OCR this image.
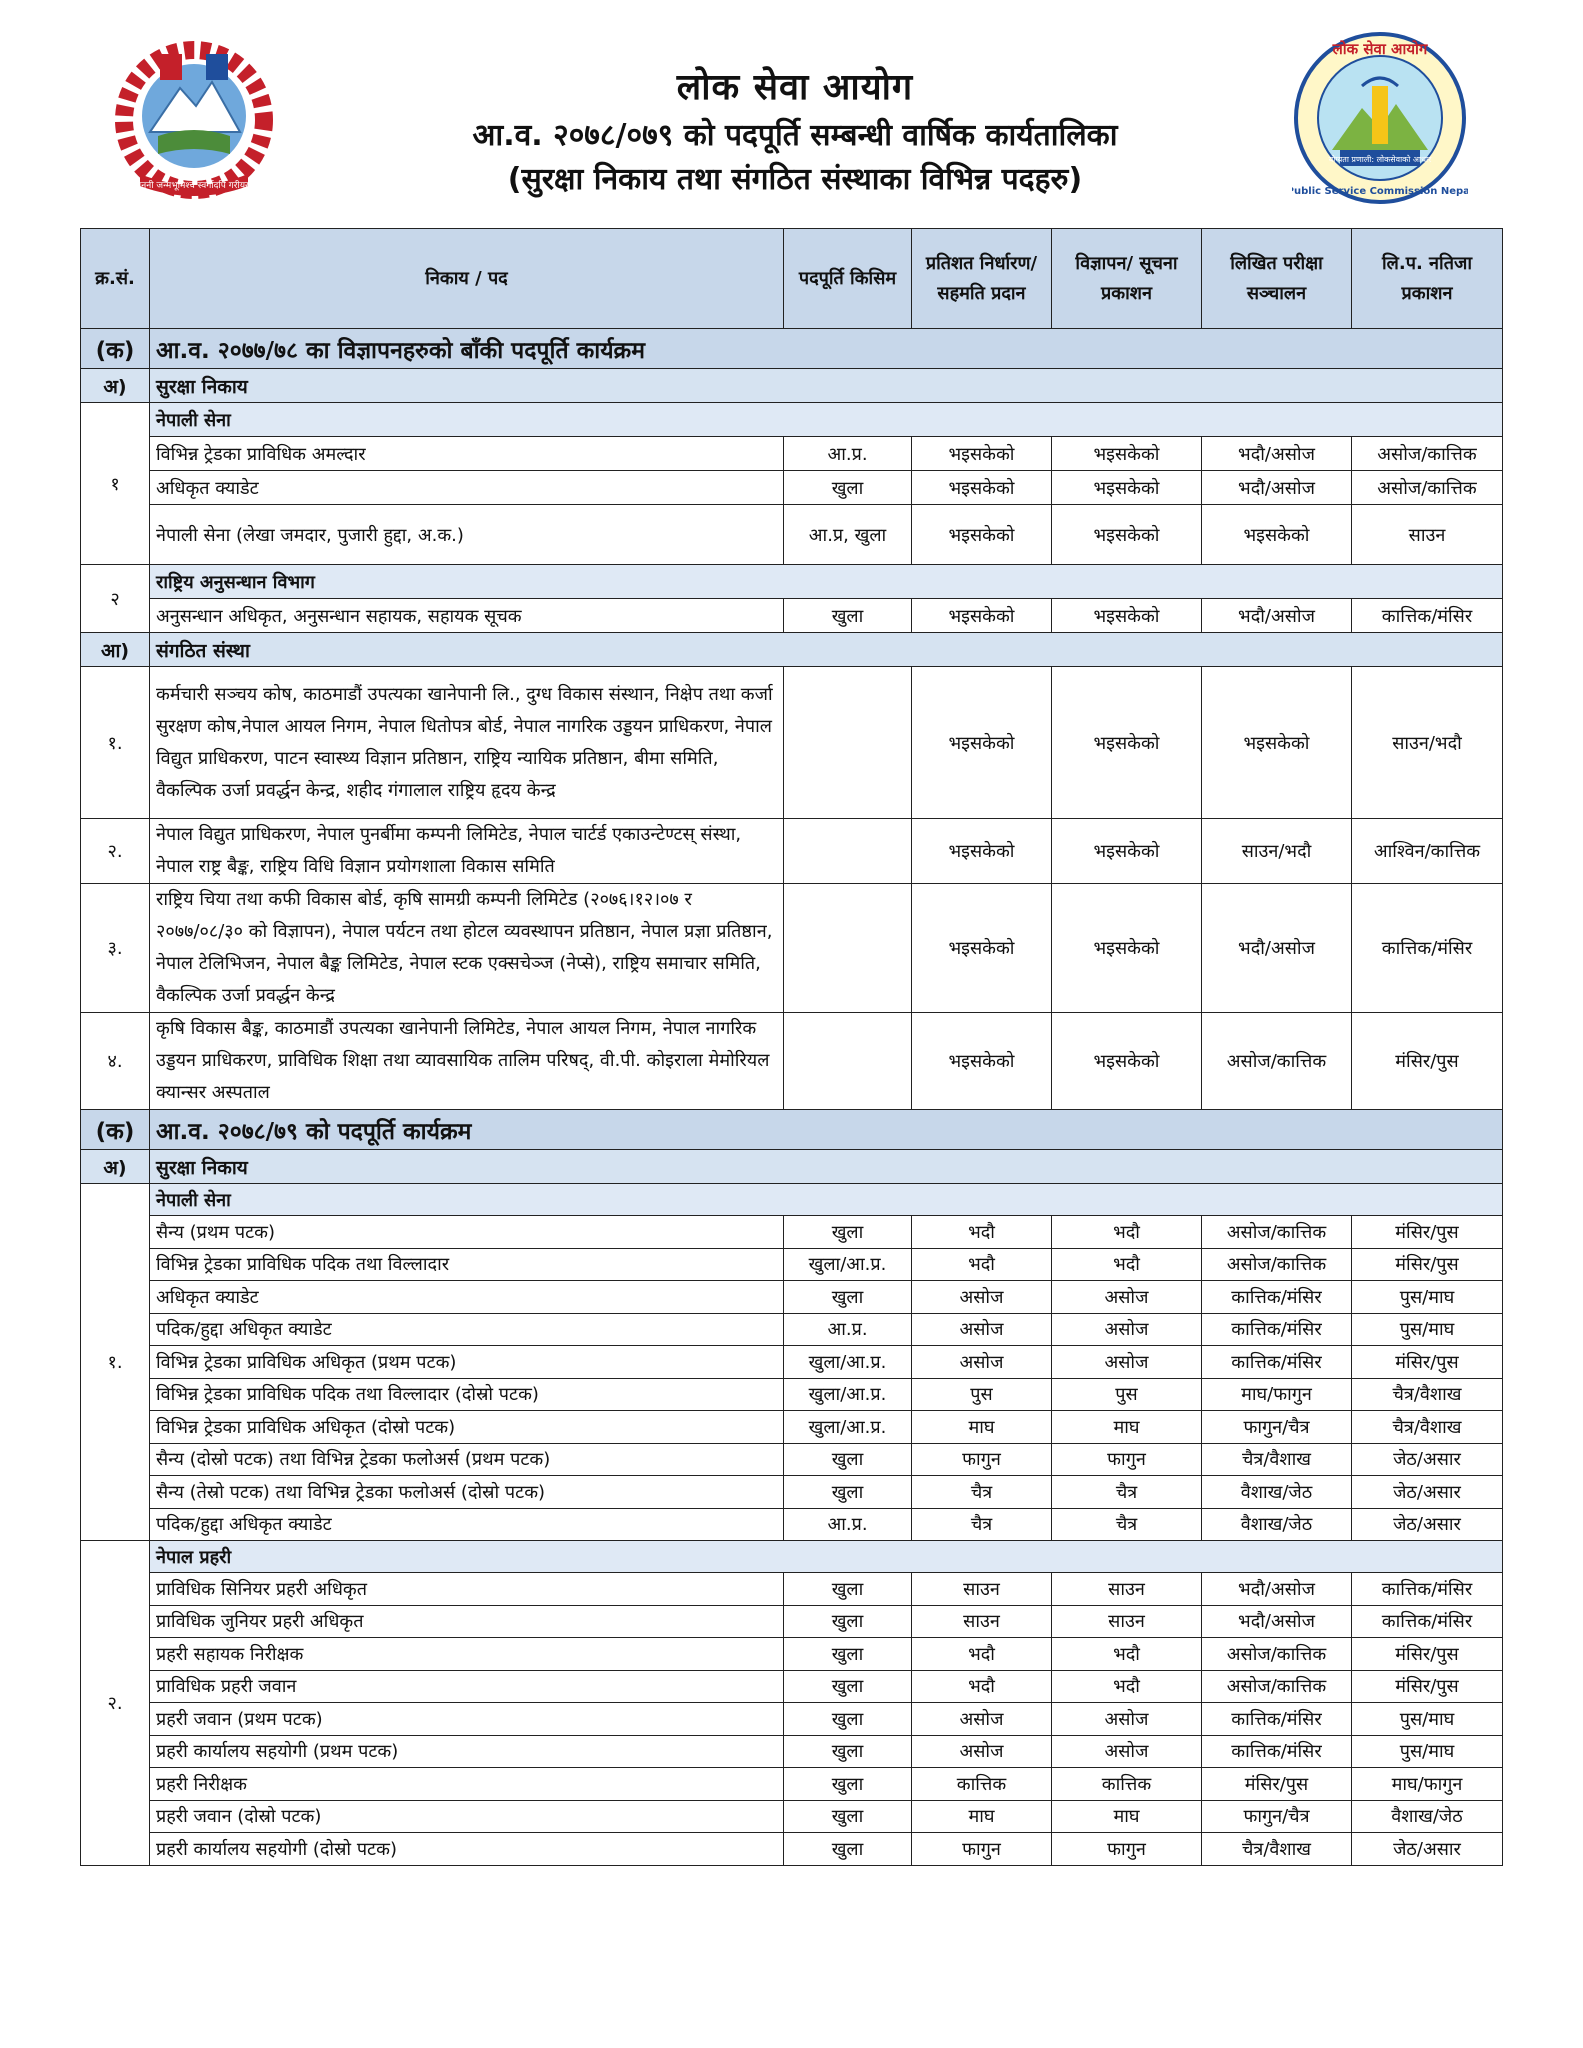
जननी जन्मभूमिश्च स्वर्गादपि गरीयसी
लोक सेवा आयोग
आ.व. २०७८/०७९ को पदपूर्ति सम्बन्धी वार्षिक कार्यतालिका
(सुरक्षा निकाय तथा संगठित संस्थाका विभिन्न पदहरु)
योग्यता प्रणाली: लोकसेवाको आधार
लोक सेवा आयोग
Public Service Commission Nepal
क्र.सं.	निकाय / पद	पदपूर्ति किसिम	प्रतिशत निर्धारण/ सहमति प्रदान	विज्ञापन/ सूचना प्रकाशन	लिखित परीक्षा सञ्चालन	लि.प. नतिजा प्रकाशन
(क)	आ.व. २०७७/७८ का विज्ञापनहरुको बाँकी पदपूर्ति कार्यक्रम					
अ)	सुरक्षा निकाय					
१	नेपाली सेना					
	विभिन्न ट्रेडका प्राविधिक अमल्दार	आ.प्र.	भइसकेको	भइसकेको	भदौ/असोज	असोज/कात्तिक
	अधिकृत क्याडेट	खुला	भइसकेको	भइसकेको	भदौ/असोज	असोज/कात्तिक
	नेपाली सेना (लेखा जमदार, पुजारी हुद्दा, अ.क.)	आ.प्र, खुला	भइसकेको	भइसकेको	भइसकेको	साउन
२	राष्ट्रिय अनुसन्धान विभाग					
	अनुसन्धान अधिकृत, अनुसन्धान सहायक, सहायक सूचक	खुला	भइसकेको	भइसकेको	भदौ/असोज	कात्तिक/मंसिर
आ)	संगठित संस्था					
१.	कर्मचारी सञ्चय कोष, काठमाडौं उपत्यका खानेपानी लि., दुग्ध विकास संस्थान, निक्षेप तथा कर्जा सुरक्षण कोष,नेपाल आयल निगम, नेपाल धितोपत्र बोर्ड, नेपाल नागरिक उड्डयन प्राधिकरण, नेपाल विद्युत प्राधिकरण, पाटन स्वास्थ्य विज्ञान प्रतिष्ठान, राष्ट्रिय न्यायिक प्रतिष्ठान, बीमा समिति, वैकल्पिक उर्जा प्रवर्द्धन केन्द्र, शहीद गंगालाल राष्ट्रिय हृदय केन्द्र		भइसकेको	भइसकेको	भइसकेको	साउन/भदौ
२.	नेपाल विद्युत प्राधिकरण, नेपाल पुनर्बीमा कम्पनी लिमिटेड, नेपाल चार्टर्ड एकाउन्टेण्टस् संस्था, नेपाल राष्ट्र बैङ्क, राष्ट्रिय विधि विज्ञान प्रयोगशाला विकास समिति		भइसकेको	भइसकेको	साउन/भदौ	आश्विन/कात्तिक
३.	राष्ट्रिय चिया तथा कफी विकास बोर्ड, कृषि सामग्री कम्पनी लिमिटेड (२०७६।१२।०७ र २०७७/०८/३० को विज्ञापन), नेपाल पर्यटन तथा होटल व्यवस्थापन प्रतिष्ठान, नेपाल प्रज्ञा प्रतिष्ठान, नेपाल टेलिभिजन, नेपाल बैङ्क लिमिटेड, नेपाल स्टक एक्सचेञ्ज (नेप्से), राष्ट्रिय समाचार समिति, वैकल्पिक उर्जा प्रवर्द्धन केन्द्र		भइसकेको	भइसकेको	भदौ/असोज	कात्तिक/मंसिर
४.	कृषि विकास बैङ्क, काठमाडौं उपत्यका खानेपानी लिमिटेड, नेपाल आयल निगम, नेपाल नागरिक उड्डयन प्राधिकरण, प्राविधिक शिक्षा तथा व्यावसायिक तालिम परिषद्, वी.पी. कोइराला मेमोरियल क्यान्सर अस्पताल		भइसकेको	भइसकेको	असोज/कात्तिक	मंसिर/पुस
(क)	आ.व. २०७८/७९ को पदपूर्ति कार्यक्रम					
अ)	सुरक्षा निकाय					
१.	नेपाली सेना					
	सैन्य (प्रथम पटक)	खुला	भदौ	भदौ	असोज/कात्तिक	मंसिर/पुस
	विभिन्न ट्रेडका प्राविधिक पदिक तथा विल्लादार	खुला/आ.प्र.	भदौ	भदौ	असोज/कात्तिक	मंसिर/पुस
	अधिकृत क्याडेट	खुला	असोज	असोज	कात्तिक/मंसिर	पुस/माघ
	पदिक/हुद्दा अधिकृत क्याडेट	आ.प्र.	असोज	असोज	कात्तिक/मंसिर	पुस/माघ
	विभिन्न ट्रेडका प्राविधिक अधिकृत (प्रथम पटक)	खुला/आ.प्र.	असोज	असोज	कात्तिक/मंसिर	मंसिर/पुस
	विभिन्न ट्रेडका प्राविधिक पदिक तथा विल्लादार (दोस्रो पटक)	खुला/आ.प्र.	पुस	पुस	माघ/फागुन	चैत्र/वैशाख
	विभिन्न ट्रेडका प्राविधिक अधिकृत (दोस्रो पटक)	खुला/आ.प्र.	माघ	माघ	फागुन/चैत्र	चैत्र/वैशाख
	सैन्य (दोस्रो पटक) तथा विभिन्न ट्रेडका फलोअर्स (प्रथम पटक)	खुला	फागुन	फागुन	चैत्र/वैशाख	जेठ/असार
	सैन्य (तेस्रो पटक) तथा विभिन्न ट्रेडका फलोअर्स (दोस्रो पटक)	खुला	चैत्र	चैत्र	वैशाख/जेठ	जेठ/असार
	पदिक/हुद्दा अधिकृत क्याडेट	आ.प्र.	चैत्र	चैत्र	वैशाख/जेठ	जेठ/असार
२.	नेपाल प्रहरी					
	प्राविधिक सिनियर प्रहरी अधिकृत	खुला	साउन	साउन	भदौ/असोज	कात्तिक/मंसिर
	प्राविधिक जुनियर प्रहरी अधिकृत	खुला	साउन	साउन	भदौ/असोज	कात्तिक/मंसिर
	प्रहरी सहायक निरीक्षक	खुला	भदौ	भदौ	असोज/कात्तिक	मंसिर/पुस
	प्राविधिक प्रहरी जवान	खुला	भदौ	भदौ	असोज/कात्तिक	मंसिर/पुस
	प्रहरी जवान (प्रथम पटक)	खुला	असोज	असोज	कात्तिक/मंसिर	पुस/माघ
	प्रहरी कार्यालय सहयोगी (प्रथम पटक)	खुला	असोज	असोज	कात्तिक/मंसिर	पुस/माघ
	प्रहरी निरीक्षक	खुला	कात्तिक	कात्तिक	मंसिर/पुस	माघ/फागुन
	प्रहरी जवान (दोस्रो पटक)	खुला	माघ	माघ	फागुन/चैत्र	वैशाख/जेठ
	प्रहरी कार्यालय सहयोगी (दोस्रो पटक)	खुला	फागुन	फागुन	चैत्र/वैशाख	जेठ/असार
